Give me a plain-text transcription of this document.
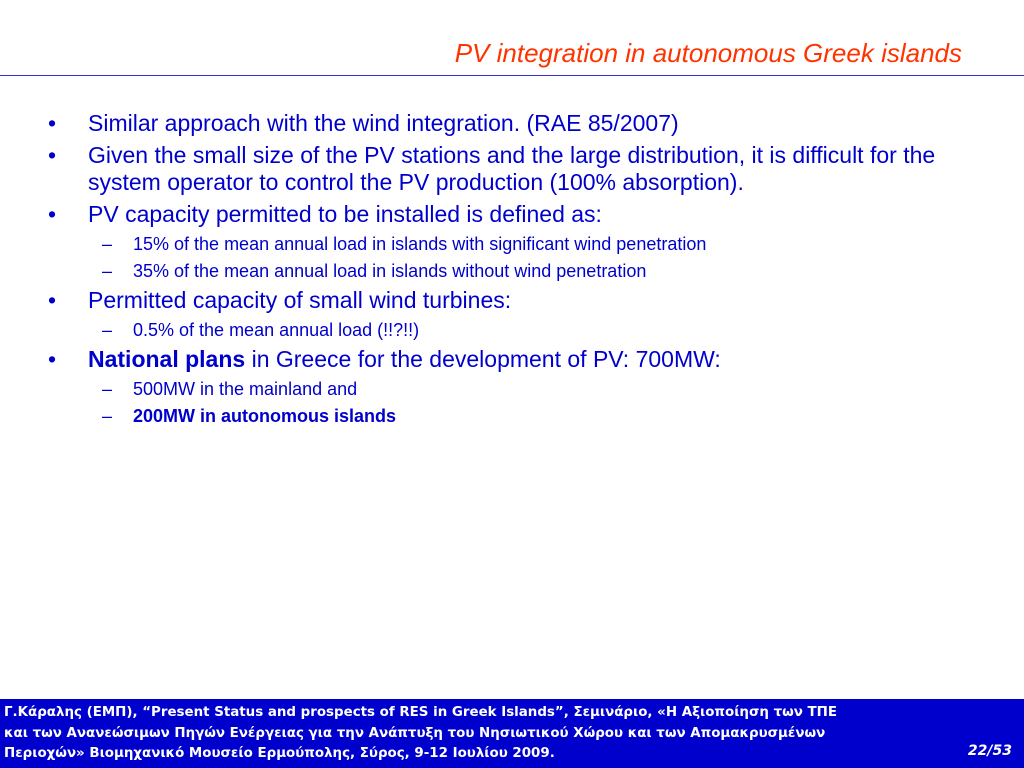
PV integration in autonomous Greek islands
• Similar approach with the wind integration. (RAE 85/2007)
• Given the small size of the PV stations and the large distribution, it is difficult for the system operator to control the PV production (100% absorption).
• PV capacity permitted to be installed is defined as:
– 15% of the mean annual load in islands with significant wind penetration
– 35% of the mean annual load in islands without wind penetration
• Permitted capacity of small wind turbines:
– 0.5% of the mean annual load (!!?!!)
• National plans in Greece for the development of PV: 700MW:
– 500MW in the mainland and
– 200MW in autonomous islands
Γ.Κάραλης (ΕΜΠ), “Present Status and prospects of RES in Greek Islands”, Σεμινάριο, «Η Αξιοποίηση των ΤΠΕ
και των Ανανεώσιμων Πηγών Ενέργειας για την Ανάπτυξη του Νησιωτικού Χώρου και των Απομακρυσμένων
Περιοχών» Βιομηχανικό Μουσείο Ερμούπολης, Σύρος, 9-12 Ιουλίου 2009.	22/53
